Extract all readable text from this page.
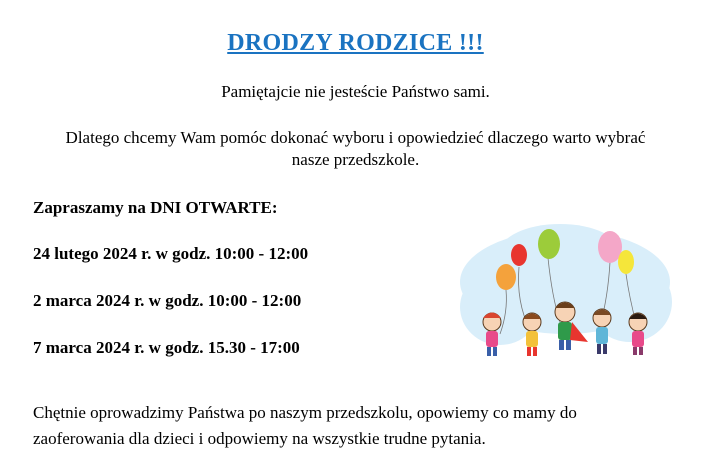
DRODZY RODZICE !!!
Pamiętajcie nie jesteście Państwo sami.
Dlatego chcemy Wam pomóc dokonać wyboru i opowiedzieć dlaczego warto wybrać
nasze przedszkole.
Zapraszamy na DNI OTWARTE:
24 lutego 2024 r. w godz. 10:00 - 12:00
2 marca 2024 r. w godz. 10:00 - 12:00
7 marca 2024 r. w godz. 15.30 - 17:00
Chętnie oprowadzimy Państwa po naszym przedszkolu, opowiemy co mamy do
zaoferowania dla dzieci i odpowiemy na wszystkie trudne pytania.
